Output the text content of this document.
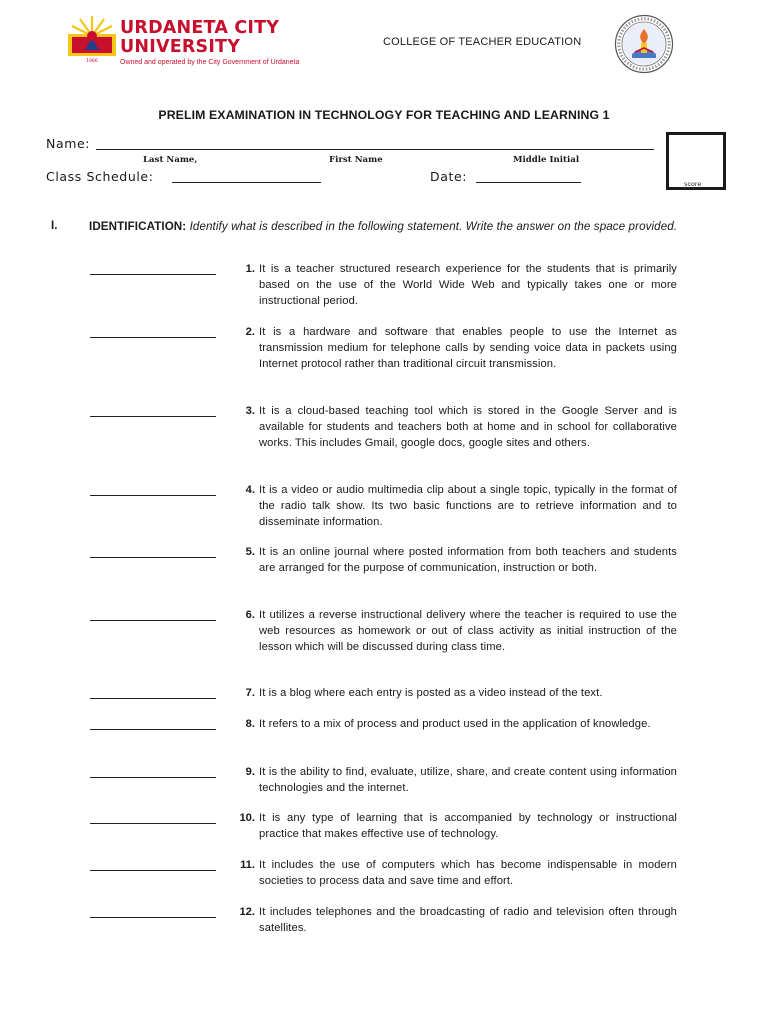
1966
URDANETA CITY
UNIVERSITY
Owned and operated by the City Government of Urdaneta
COLLEGE OF TEACHER EDUCATION
PRELIM EXAMINATION IN TECHNOLOGY FOR TEACHING AND LEARNING 1
Name:
Last Name,	First Name	Middle Initial
Class Schedule:	Date:
score
I.	IDENTIFICATION: Identify what is described in the following statement. Write the answer on the space provided.
1. It is a teacher structured research experience for the students that is primarily based on the use of the World Wide Web and typically takes one or more instructional period.
2. It is a hardware and software that enables people to use the Internet as transmission medium for telephone calls by sending voice data in packets using Internet protocol rather than traditional circuit transmission.
3. It is a cloud-based teaching tool which is stored in the Google Server and is available for students and teachers both at home and in school for collaborative works. This includes Gmail, google docs, google sites and others.
4. It is a video or audio multimedia clip about a single topic, typically in the format of the radio talk show. Its two basic functions are to retrieve information and to disseminate information.
5. It is an online journal where posted information from both teachers and students are arranged for the purpose of communication, instruction or both.
6. It utilizes a reverse instructional delivery where the teacher is required to use the web resources as homework or out of class activity as initial instruction of the lesson which will be discussed during class time.
7. It is a blog where each entry is posted as a video instead of the text.
8. It refers to a mix of process and product used in the application of knowledge.
9. It is the ability to find, evaluate, utilize, share, and create content using information technologies and the internet.
10. It is any type of learning that is accompanied by technology or instructional practice that makes effective use of technology.
11. It includes the use of computers which has become indispensable in modern societies to process data and save time and effort.
12. It includes telephones and the broadcasting of radio and television often through satellites.
